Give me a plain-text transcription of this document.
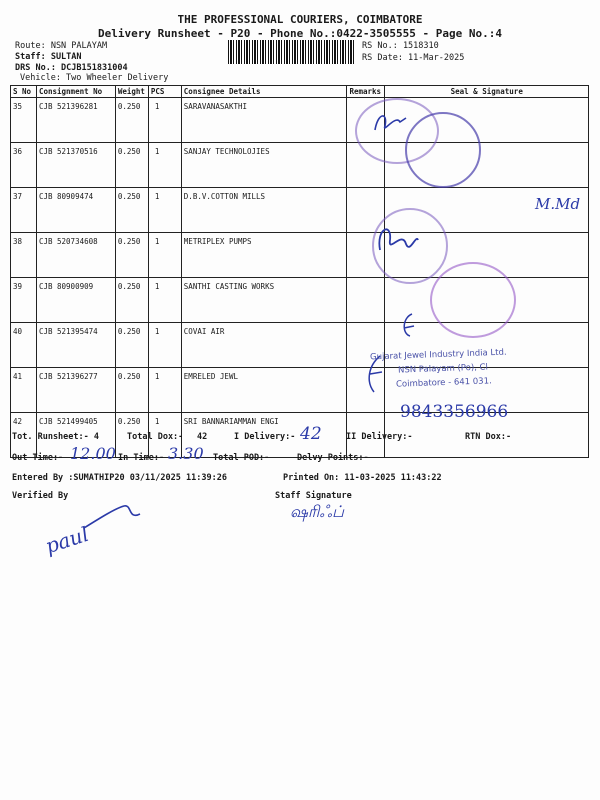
THE PROFESSIONAL COURIERS, COIMBATORE
Delivery Runsheet - P20 - Phone No.:0422-3505555 - Page No.:4
Route: NSN PALAYAM
Staff: SULTAN
DRS No.: DCJB151831004
Vehicle: Two Wheeler Delivery
RS No.: 1518310
RS Date: 11-Mar-2025
S No	Consignment No	Weight	PCS	Consignee Details	Remarks	Seal & Signature
35	CJB 521396281	0.250	1	SARAVANASAKTHI		
36	CJB 521370516	0.250	1	SANJAY TECHNOLOJIES		
37	CJB 80909474	0.250	1	D.B.V.COTTON MILLS		
38	CJB 520734608	0.250	1	METRIPLEX PUMPS		
39	CJB 80900909	0.250	1	SANTHI CASTING WORKS		
40	CJB 521395474	0.250	1	COVAI AIR		
41	CJB 521396277	0.250	1	EMRELED JEWL		
42	CJB 521499405	0.250	1	SRI BANNARIAMMAN ENGI		
M.Md
Gujarat Jewel Industry India Ltd.
NSN Palayam (Po), Cl
Coimbatore - 641 031.
9843356966
Tot. Runsheet:- 4	Total Dox:- 42	I Delivery:- 42	II Delivery:-	RTN Dox:-
Out Time:- 12.00 In Time:- 3.30 Total POD:-	Delvy Points:-
Entered By :SUMATHIP20 03/11/2025 11:39:26	Printed On: 11-03-2025 11:43:22
Verified By	Staff Signature
ஷரிஃப்
paul
